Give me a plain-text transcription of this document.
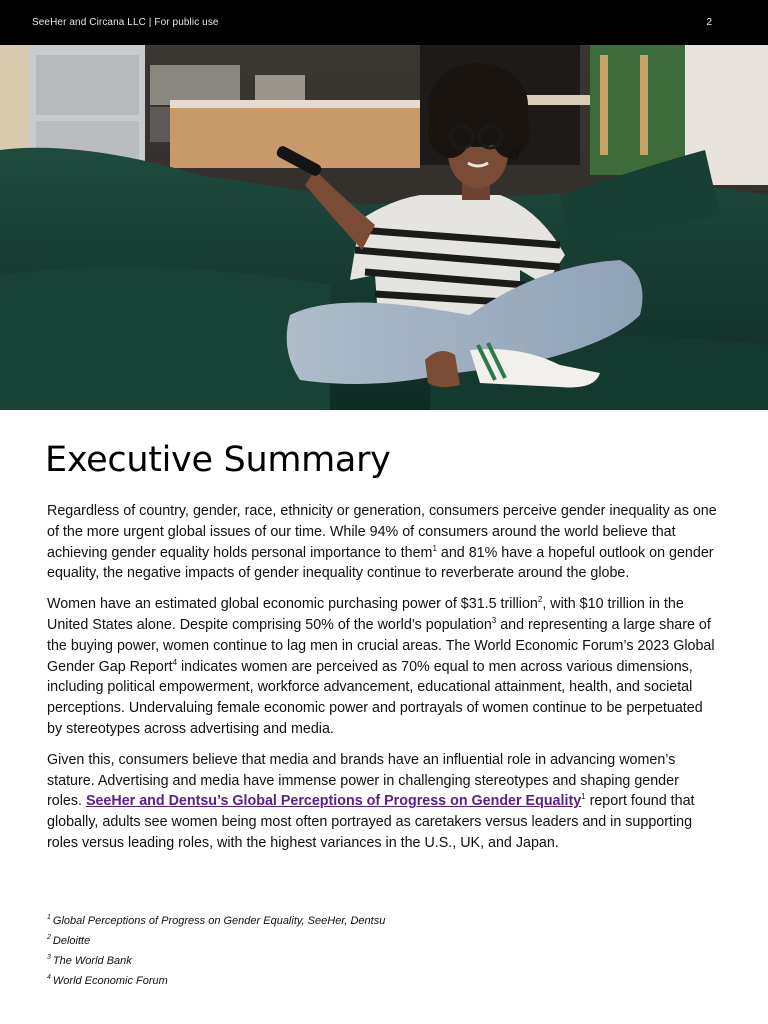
SeeHer and Circana LLC | For public use	2
Executive Summary

Regardless of country, gender, race, ethnicity or generation, consumers perceive gender inequality as one of the more urgent global issues of our time. While 94% of consumers around the world believe that achieving gender equality holds personal importance to them$^1$ and 81% have a hopeful outlook on gender equality, the negative impacts of gender inequality continue to reverberate around the globe.

Women have an estimated global economic purchasing power of $31.5 trillion$^2$, with $10 trillion in the United States alone. Despite comprising 50% of the world’s population$^3$ and representing a large share of the buying power, women continue to lag men in crucial areas. The World Economic Forum’s 2023 Global Gender Gap Report$^4$ indicates women are perceived as 70% equal to men across various dimensions, including political empowerment, workforce advancement, educational attainment, health, and societal perceptions. Undervaluing female economic power and portrayals of women continue to be perpetuated by stereotypes across advertising and media.

Given this, consumers believe that media and brands have an influential role in advancing women’s stature. Advertising and media have immense power in challenging stereotypes and shaping gender roles. SeeHer and Dentsu’s Global Perceptions of Progress on Gender Equality$^1$ report found that globally, adults see women being most often portrayed as caretakers versus leaders and in supporting roles versus leading roles, with the highest variances in the U.S., UK, and Japan.

$^1$ Global Perceptions of Progress on Gender Equality, SeeHer, Dentsu
$^2$ Deloitte
$^3$ The World Bank
$^4$ World Economic Forum
